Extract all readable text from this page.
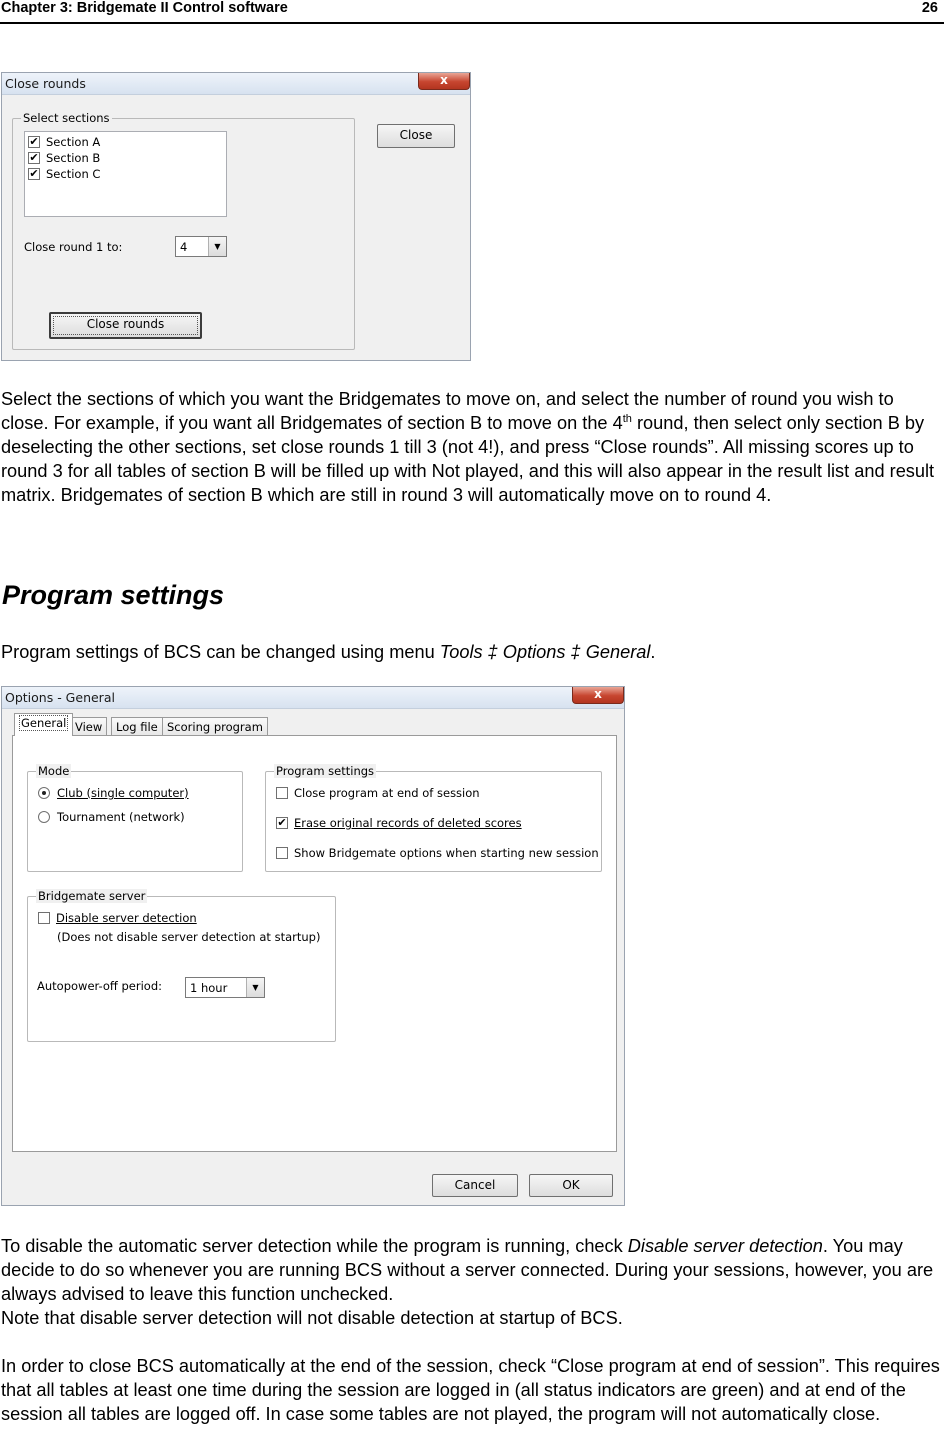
Chapter 3: Bridgemate II Control software	26
Close rounds	x
Select sections
✔ Section A
✔ Section B
✔ Section C
Close round 1 to:	4	▼
Close rounds
Close

Select the sections of which you want the Bridgemates to move on, and select the number of round you wish to close. For example, if you want all Bridgemates of section B to move on the 4th round, then select only section B by deselecting the other sections, set close rounds 1 till 3 (not 4!), and press “Close rounds”. All missing scores up to round 3 for all tables of section B will be filled up with Not played, and this will also appear in the result list and result matrix. Bridgemates of section B which are still in round 3 will automatically move on to round 4.

Program settings

Program settings of BCS can be changed using menu Tools ‡ Options ‡ General.

Options - General	x
General View	Log file Scoring program
Mode
Club (single computer)
Tournament (network)
Program settings
Close program at end of session
✔ Erase original records of deleted scores
Show Bridgemate options when starting new session
Bridgemate server
Disable server detection
(Does not disable server detection at startup)
Autopower-off period: 1 hour	▼
Cancel	OK

To disable the automatic server detection while the program is running, check Disable server detection. You may decide to do so whenever you are running BCS without a server connected. During your sessions, however, you are always advised to leave this function unchecked.
Note that disable server detection will not disable detection at startup of BCS.

In order to close BCS automatically at the end of the session, check “Close program at end of session”. This requires that all tables at least one time during the session are logged in (all status indicators are green) and at end of the session all tables are logged off. In case some tables are not played, the program will not automatically close.
